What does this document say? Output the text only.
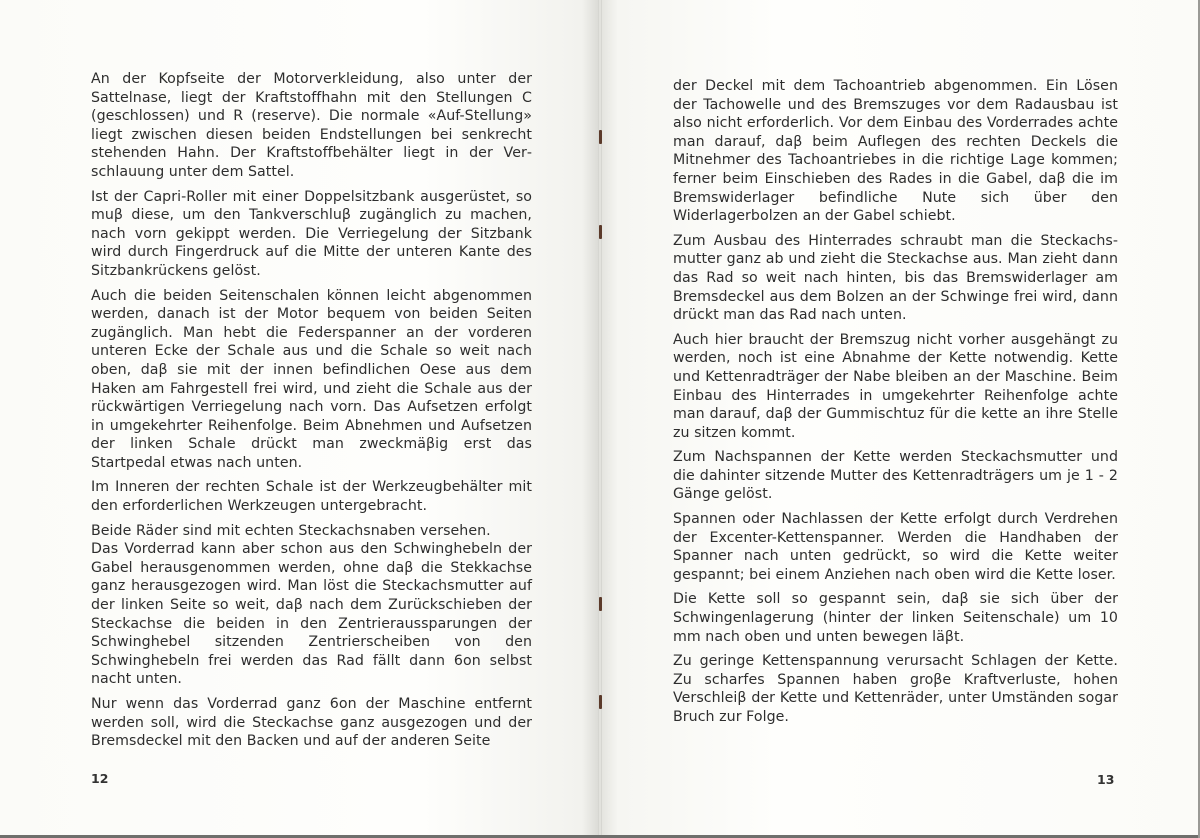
An der Kopfseite der Motorverkleidung, also unter der Sattelnase, liegt der Kraftstoffhahn mit den Stellungen C (geschlossen) und R (reserve). Die normale «Auf-Stellung» liegt zwischen diesen beiden Endstellungen bei senkrecht stehenden Hahn. Der Kraftstoffbehälter liegt in der Verschlauung unter dem Sattel.

Ist der Capri-Roller mit einer Doppelsitzbank ausgerüstet, so muβ diese, um den Tankverschluβ zugänglich zu machen, nach vorn gekippt werden. Die Verriegelung der Sitzbank wird durch Fingerdruck auf die Mitte der unteren Kante des Sitzbankrückens gelöst.

Auch die beiden Seitenschalen können leicht abgenommen werden, danach ist der Motor bequem von beiden Seiten zugänglich. Man hebt die Federspanner an der vorderen unteren Ecke der Schale aus und die Schale so weit nach oben, daβ sie mit der innen befindlichen Oese aus dem Haken am Fahrgestell frei wird, und zieht die Schale aus der rückwärtigen Verriegelung nach vorn. Das Aufsetzen erfolgt in umgekehrter Reihenfolge. Beim Abnehmen und Aufsetzen der linken Schale drückt man zweckmäβig erst das Startpedal etwas nach unten.

Im Inneren der rechten Schale ist der Werkzeugbehälter mit den erforderlichen Werkzeugen untergebracht.

Beide Räder sind mit echten Steckachsnaben versehen.

Das Vorderrad kann aber schon aus den Schwinghebeln der Gabel herausgenommen werden, ohne daβ die Stekkachse ganz herausgezogen wird. Man löst die Steckachsmutter auf der linken Seite so weit, daβ nach dem Zurückschieben der Steckachse die beiden in den Zentrieraussparungen der Schwinghebel sitzenden Zentrierscheiben von den Schwinghebeln frei werden das Rad fällt dann 6on selbst nacht unten.

Nur wenn das Vorderrad ganz 6on der Maschine entfernt werden soll, wird die Steckachse ganz ausgezogen und der Bremsdeckel mit den Backen und auf der anderen Seite

12

der Deckel mit dem Tachoantrieb abgenommen. Ein Lösen der Tachowelle und des Bremszuges vor dem Radausbau ist also nicht erforderlich. Vor dem Einbau des Vorderrades achte man darauf, daβ beim Auflegen des rechten Deckels die Mitnehmer des Tachoantriebes in die richtige Lage kommen; ferner beim Einschieben des Rades in die Gabel, daβ die im Bremswiderlager befindliche Nute sich über den Widerlagerbolzen an der Gabel schiebt.

Zum Ausbau des Hinterrades schraubt man die Steckachsmutter ganz ab und zieht die Steckachse aus. Man zieht dann das Rad so weit nach hinten, bis das Bremswiderlager am Bremsdeckel aus dem Bolzen an der Schwinge frei wird, dann drückt man das Rad nach unten.

Auch hier braucht der Bremszug nicht vorher ausgehängt zu werden, noch ist eine Abnahme der Kette notwendig. Kette und Kettenradträger der Nabe bleiben an der Maschine. Beim Einbau des Hinterrades in umgekehrter Reihenfolge achte man darauf, daβ der Gummischtuz für die kette an ihre Stelle zu sitzen kommt.

Zum Nachspannen der Kette werden Steckachsmutter und die dahinter sitzende Mutter des Kettenradträgers um je 1 - 2 Gänge gelöst.

Spannen oder Nachlassen der Kette erfolgt durch Verdrehen der Excenter-Kettenspanner. Werden die Handhaben der Spanner nach unten gedrückt, so wird die Kette weiter gespannt; bei einem Anziehen nach oben wird die Kette loser.

Die Kette soll so gespannt sein, daβ sie sich über der Schwingenlagerung (hinter der linken Seitenschale) um 10 mm nach oben und unten bewegen läβt.

Zu geringe Kettenspannung verursacht Schlagen der Kette. Zu scharfes Spannen haben groβe Kraftverluste, hohen Verschleiβ der Kette und Kettenräder, unter Umständen sogar Bruch zur Folge.

13
